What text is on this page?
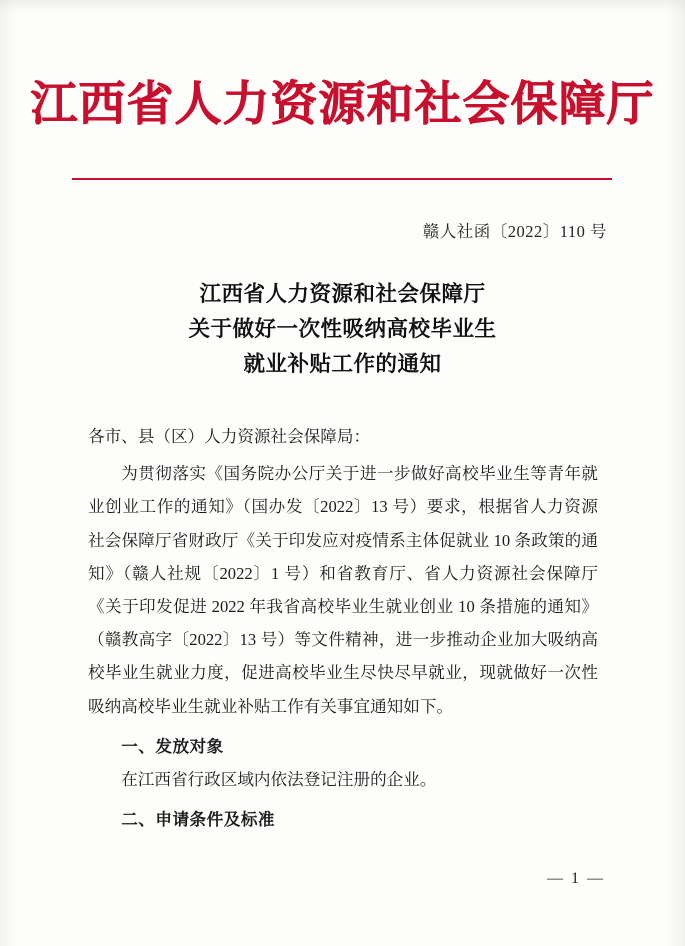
江西省人力资源和社会保障厅
赣人社函〔2022〕110 号
江西省人力资源和社会保障厅
关于做好一次性吸纳高校毕业生
就业补贴工作的通知

各市、县（区）人力资源社会保障局：

为贯彻落实《国务院办公厅关于进一步做好高校毕业生等青年就业创业工作的通知》（国办发〔2022〕13 号）要求，根据省人力资源社会保障厅省财政厅《关于印发应对疫情系主体促就业 10 条政策的通知》（赣人社规〔2022〕1 号）和省教育厅、省人力资源社会保障厅《关于印发促进 2022 年我省高校毕业生就业创业 10 条措施的通知》（赣教高字〔2022〕13 号）等文件精神，进一步推动企业加大吸纳高校毕业生就业力度，促进高校毕业生尽快尽早就业，现就做好一次性吸纳高校毕业生就业补贴工作有关事宜通知如下。

一、发放对象

在江西省行政区域内依法登记注册的企业。

二、申请条件及标准

— 1 —
